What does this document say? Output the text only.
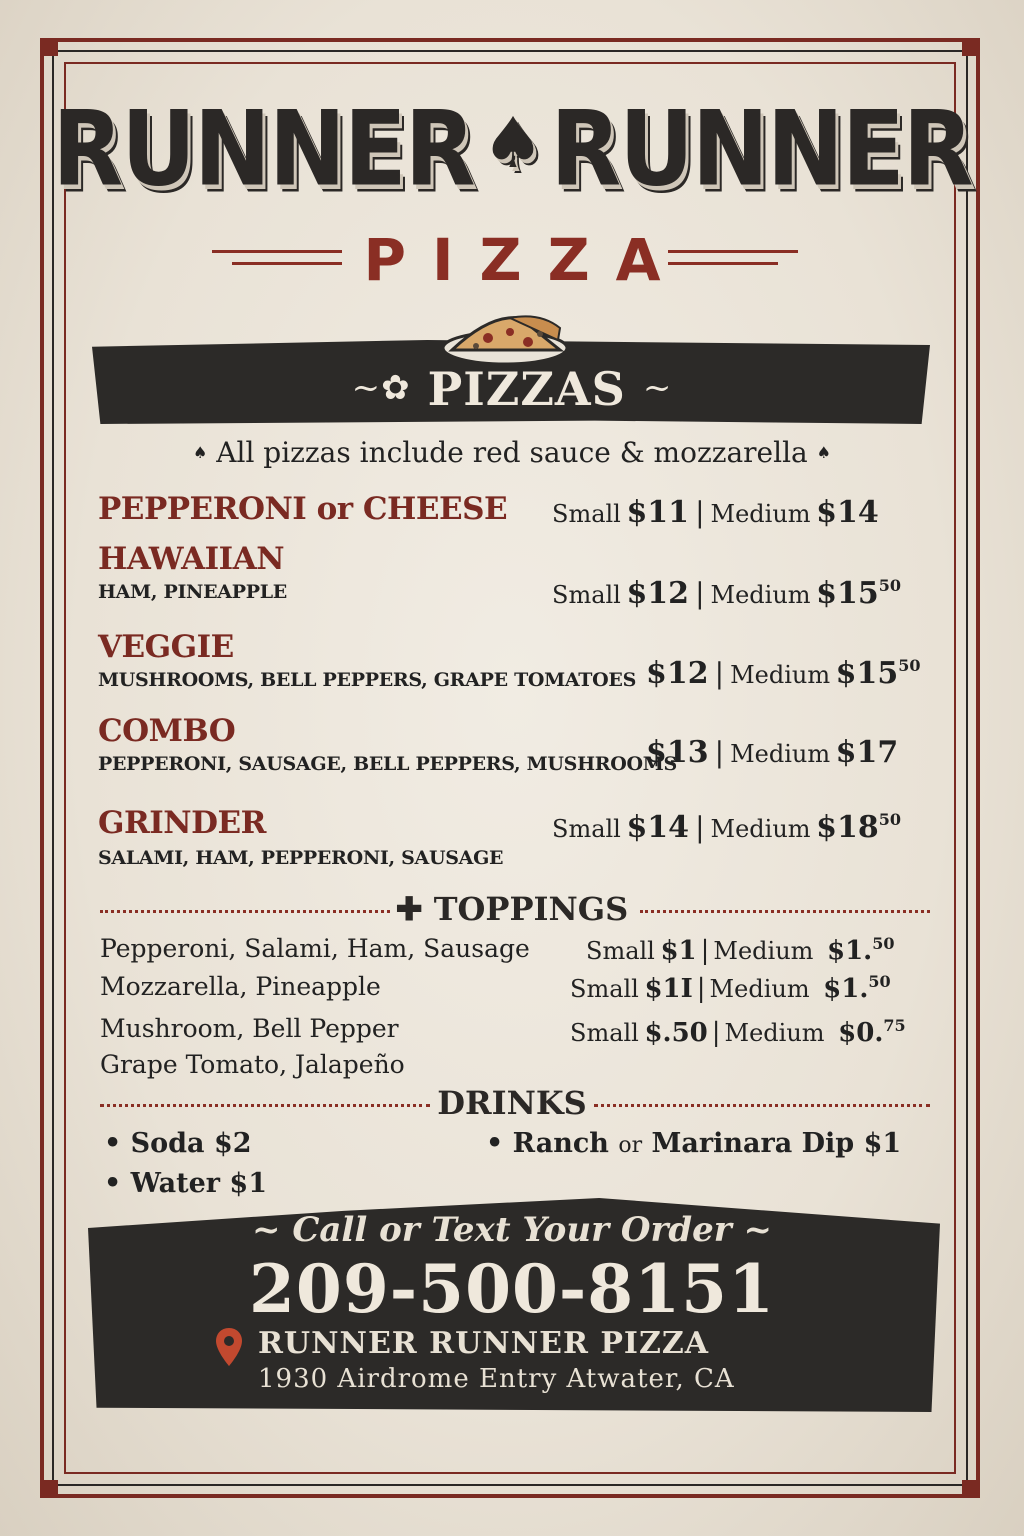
RUNNER ♠RUNNER
PIZZA
~✿ PIZZAS ~
♠ All pizzas include red sauce & mozzarella ♠
PEPPERONI or CHEESE Small $11 | Medium $14
HAWAIIAN
HAM, PINEAPPLE	Small $12 | Medium $1550
VEGGIE
MUSHROOMS, BELL PEPPERS, GRAPE TOMATOES $12 | Medium $1550
COMBO
PEPPERONI, SAUSAGE, BELL PEPPERS, MUSHROOMS
$13 | Medium $17
GRINDER
SALAMI, HAM, PEPPERONI, SAUSAGE
Small $14 | Medium $1850
✚ TOPPINGS
Pepperoni, Salami, Ham, Sausage Small $1 | Medium $1.50
Mozzarella, Pineapple	Small $1I | Medium $1.50
Mushroom, Bell Pepper	Small $.50 | Medium $0.75
Grape Tomato, Jalapeño
DRINKS
• Soda $2
• Water $1
• Ranch or Marinara Dip $1
~ Call or Text Your Order ~
209-500-8151
RUNNER RUNNER PIZZA
1930 Airdrome Entry Atwater, CA
